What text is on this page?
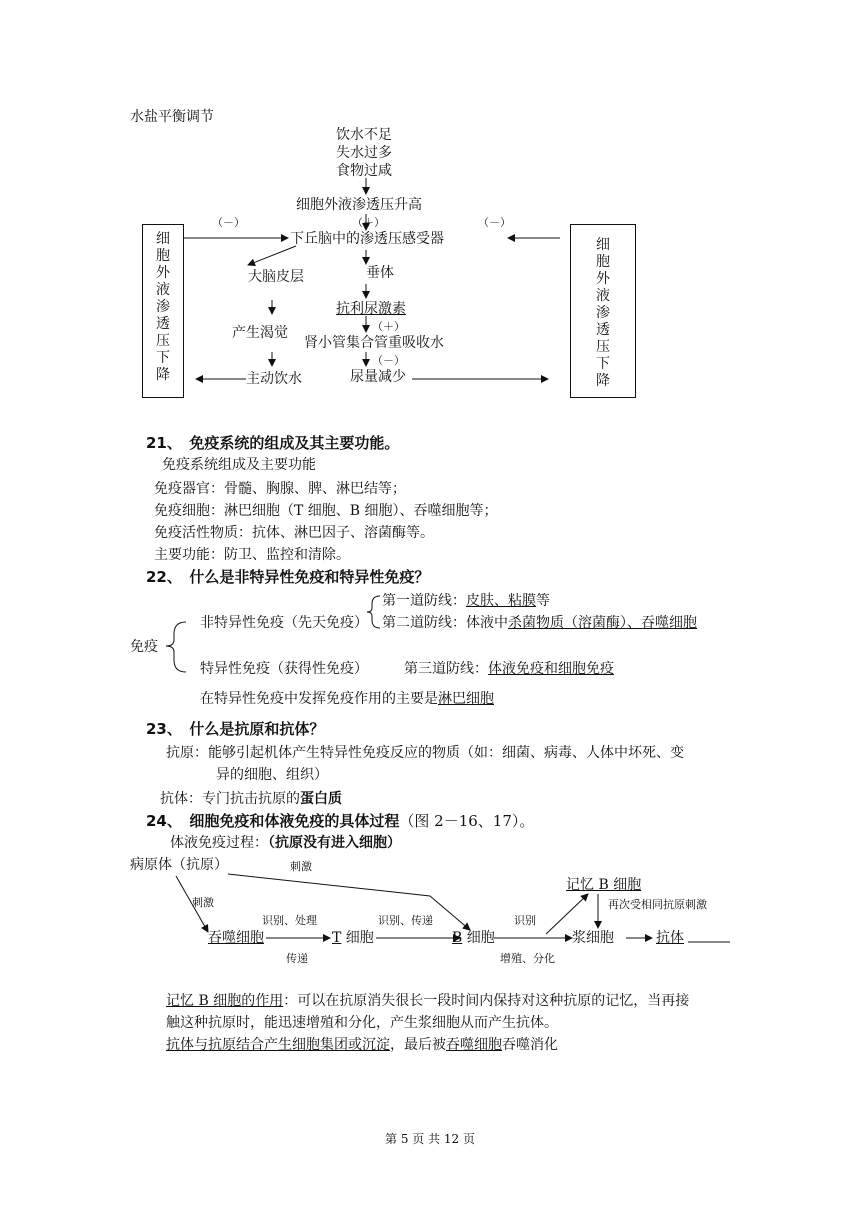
水盐平衡调节
饮水不足
失水过多
食物过咸
细胞外液渗透压升高
（－）	（＋）	（－）
下丘脑中的渗透压感受器
大脑皮层	垂体
抗利尿激素
（＋）
产生渴觉
肾小管集合管重吸收水
（－）
主动饮水	尿量减少
细胞外液渗透压下降
细胞外液渗透压下降
21、　免疫系统的组成及其主要功能。
免疫系统组成及主要功能
免疫器官：骨髓、胸腺、脾、淋巴结等；
免疫细胞：淋巴细胞（T 细胞、B 细胞）、吞噬细胞等；
免疫活性物质：抗体、淋巴因子、溶菌酶等。
主要功能：防卫、监控和清除。
22、　什么是非特异性免疫和特异性免疫？
第一道防线：皮肤、粘膜等
非特异性免疫（先天免疫） 第二道防线：体液中杀菌物质（溶菌酶）、吞噬细胞
免疫
特异性免疫（获得性免疫）	第三道防线：体液免疫和细胞免疫
在特异性免疫中发挥免疫作用的主要是淋巴细胞
23、　什么是抗原和抗体？
抗原：能够引起机体产生特异性免疫反应的物质（如：细菌、病毒、人体中坏死、变
异的细胞、组织）
抗体：专门抗击抗原的蛋白质
24、　细胞免疫和体液免疫的具体过程（图 2－16、17）。
体液免疫过程：（抗原没有进入细胞）
病原体（抗原）	刺激
记忆 B 细胞
刺激	再次受相同抗原刺激
识别、处理	识别、传递	识别
吞噬细胞	T 细胞	B 细胞	浆细胞	抗体
传递	增殖、分化
记忆 B 细胞的作用：可以在抗原消失很长一段时间内保持对这种抗原的记忆，当再接
触这种抗原时，能迅速增殖和分化，产生浆细胞从而产生抗体。
抗体与抗原结合产生细胞集团或沉淀，最后被吞噬细胞吞噬消化
第 5 页 共 12 页
